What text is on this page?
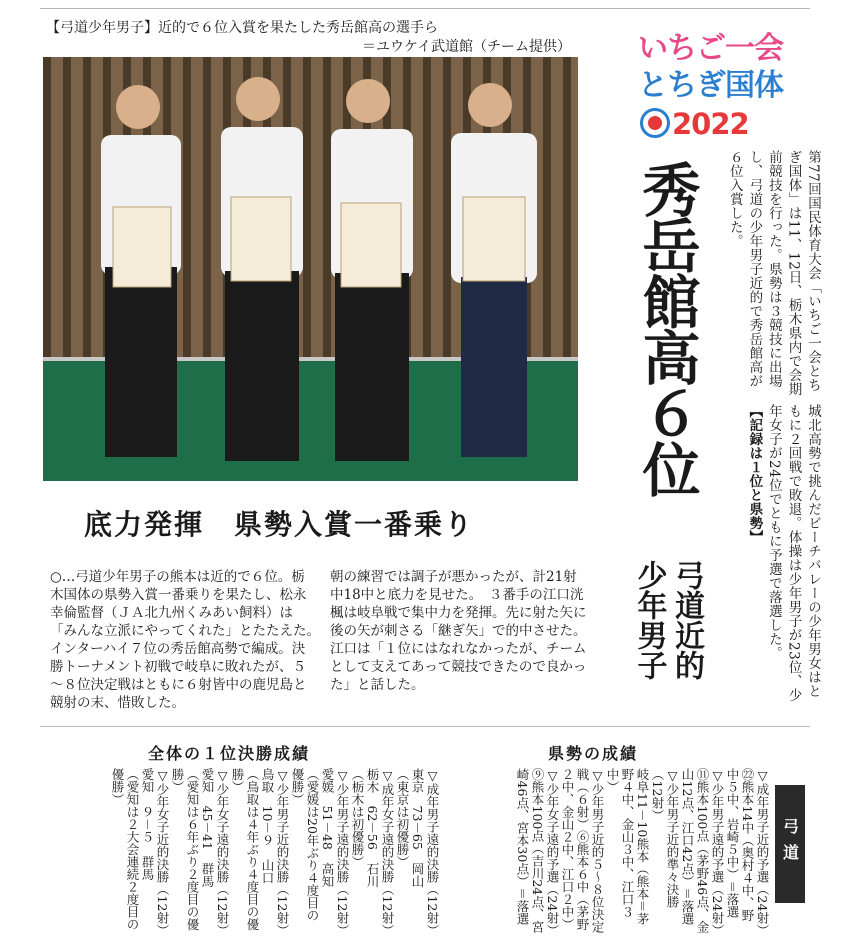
【弓道少年男子】近的で６位入賞を果たした秀岳館高の選手ら
＝ユウケイ武道館（チーム提供） いちご一会
とちぎ国体
2022
第77回国民体育大会「いちご一会とちぎ国体」は11、12日、栃木県内で会期前競技を行った。県勢は３競技に出場し、弓道の少年男子近的で秀岳館高が６位入賞した。
城北高勢で挑んだビーチバレーの少年男女はともに２回戦で敗退。体操は少年男子が23位、少年女子が24位でともに予選で落選した。
【記録は１位と県勢】
秀岳館高６位
弓道近的 少年男子
底力発揮　県勢入賞一番乗り
○…弓道少年男子の熊本は近的で６位。栃木国体の県勢入賞一番乗りを果たし、松永幸倫監督（ＪＡ北九州くみあい飼料）は「みんな立派にやってくれた」とたたえた。　インターハイ７位の秀岳館高勢で編成。決勝トーナメント初戦で岐阜に敗れたが、５～８位決定戦はともに６射皆中の鹿児島と競射の末、惜敗した。
朝の練習では調子が悪かったが、計21射中18中と底力を見せた。　３番手の江口洸楓は岐阜戦で集中力を発揮。先に射た矢に後の矢が刺さる「継ぎ矢」で的中させた。江口は「１位にはなれなかったが、チームとして支えてあって競技できたので良かった」と話した。
全体の１位決勝成績	県勢の成績
▽成年男子遠的決勝（12射）
東京　73－65　岡山
（東京は初優勝）
▽成年女子遠的決勝（12射）
栃木　62－56　石川
（栃木は初優勝）
▽少年男子遠的決勝（12射）
愛媛　51－48　高知
（愛媛は20年ぶり４度目の優勝）
▽少年男子近的決勝（12射）
鳥取　10－９　山口
（鳥取は４年ぶり４度目の優勝）
▽少年女子遠的決勝（12射）
愛知　45－41　群馬
（愛知は６年ぶり２度目の優勝）
▽少年女子近的決勝（12射）
愛知　９－５　群馬
（愛知は２大会連続２度目の優勝）	▽成年男子近的予選（24射）
㉒熊本14中（奥村４中、野中５中、岩崎５中）＝落選
▽少年男子遠的予選（24射）
⑪熊本100点（茅野46点、金山12点、江口42点）＝落選
▽少年男子近的準々決勝（12射）
岐阜11－10熊本（熊本＝茅野４中、金山３中、江口３中）
▽少年男子近的５～８位決定戦（６射）⑥熊本６中（茅野２中、金山２中、江口２中）
▽少年女子遠的予選（24射）
⑨熊本100点（吉川24点、宮崎46点、宮本30点）＝落選	弓道
